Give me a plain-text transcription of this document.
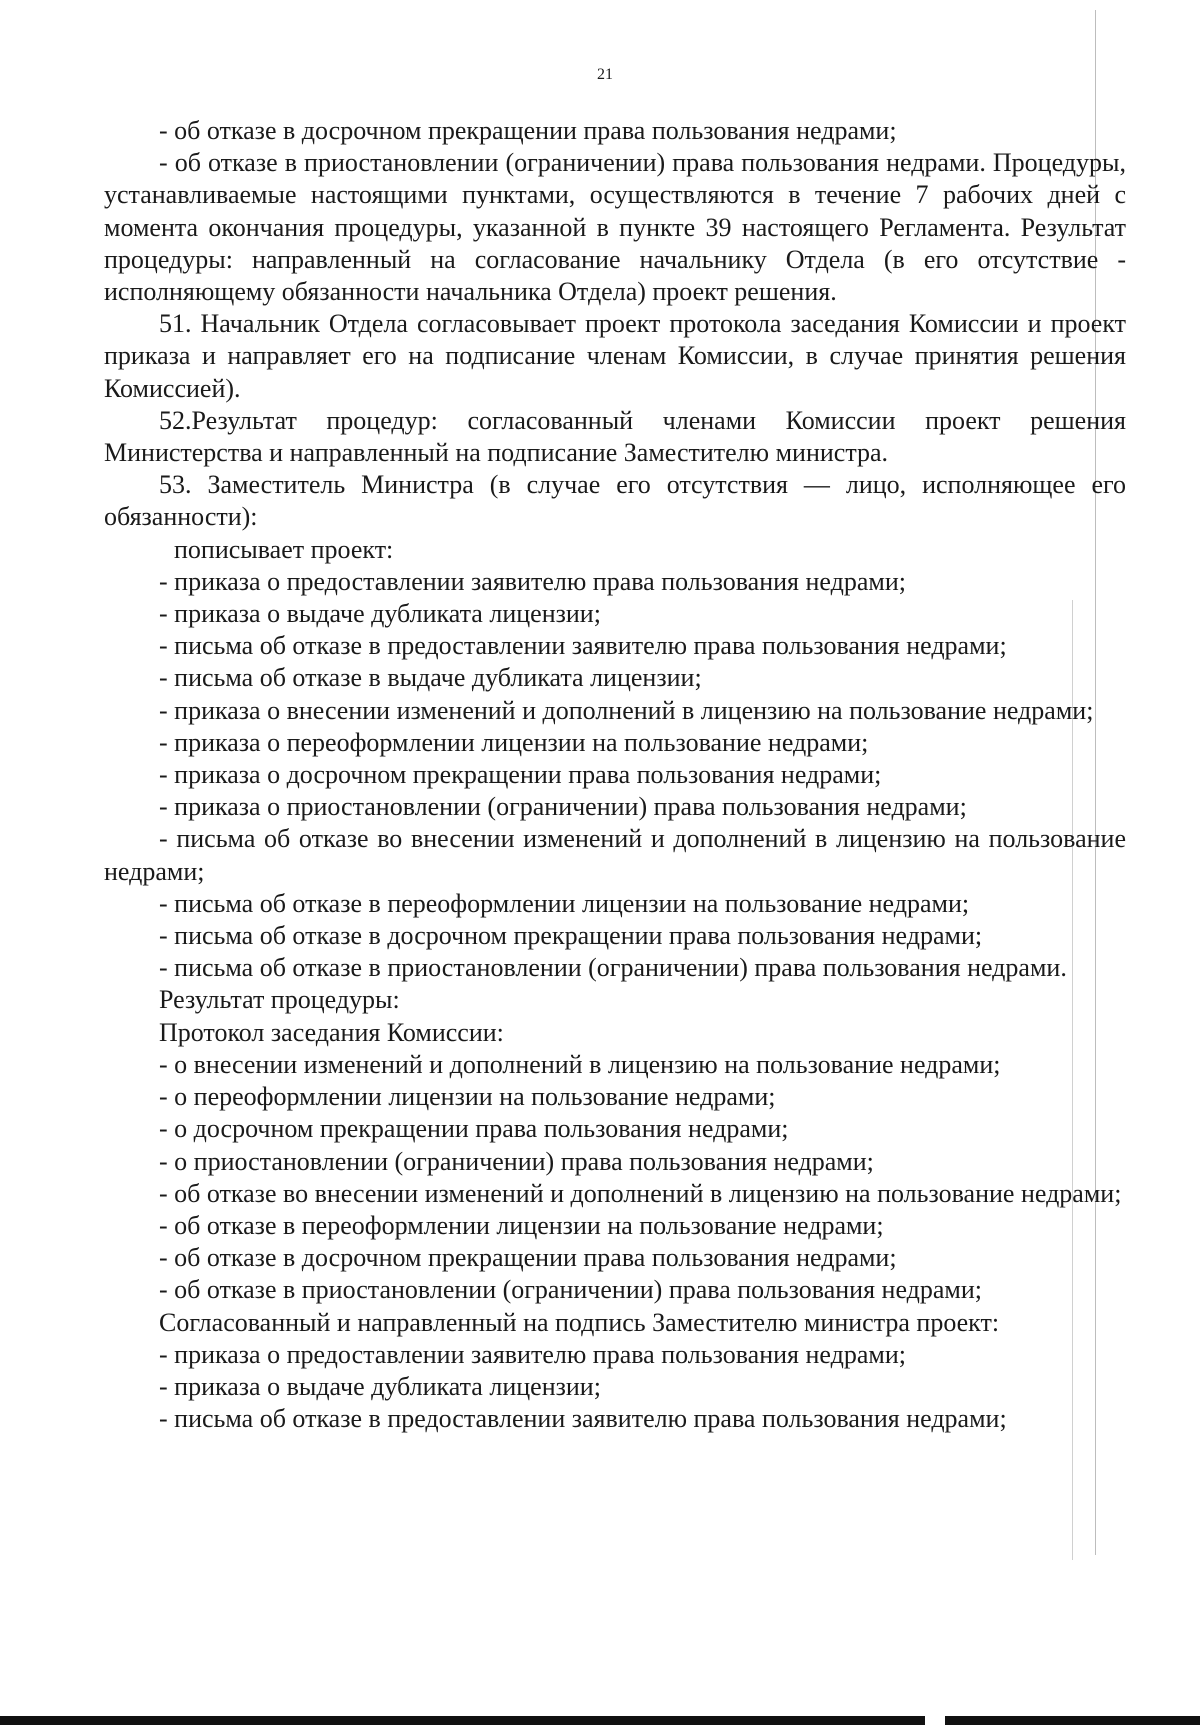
21

- об отказе в досрочном прекращении права пользования недрами;

- об отказе в приостановлении (ограничении) права пользования недрами. Процедуры, устанавливаемые настоящими пунктами, осуществляются в течение 7 рабочих дней с момента окончания процедуры, указанной в пункте 39 настоящего Регламента. Результат процедуры: направленный на согласование начальнику Отдела (в его отсутствие - исполняющему обязанности начальника Отдела) проект решения.

51. Начальник Отдела согласовывает проект протокола заседания Комиссии и проект приказа и направляет его на подписание членам Комиссии, в случае принятия решения Комиссией).

52.Результат процедур: согласованный членами Комиссии проект решения Министерства и направленный на подписание Заместителю министра.

53. Заместитель Министра (в случае его отсутствия — лицо, исполняющее его обязанности):

пописывает проект:

- приказа о предоставлении заявителю права пользования недрами;

- приказа о выдаче дубликата лицензии;

- письма об отказе в предоставлении заявителю права пользования недрами;

- письма об отказе в выдаче дубликата лицензии;

- приказа о внесении изменений и дополнений в лицензию на пользование недрами;

- приказа о переоформлении лицензии на пользование недрами;

- приказа о досрочном прекращении права пользования недрами;

- приказа о приостановлении (ограничении) права пользования недрами;

- письма об отказе во внесении изменений и дополнений в лицензию на пользование недрами;

- письма об отказе в переоформлении лицензии на пользование недрами;

- письма об отказе в досрочном прекращении права пользования недрами;

- письма об отказе в приостановлении (ограничении) права пользования недрами.

Результат процедуры:

Протокол заседания Комиссии:

- о внесении изменений и дополнений в лицензию на пользование недрами;

- о переоформлении лицензии на пользование недрами;

- о досрочном прекращении права пользования недрами;

- о приостановлении (ограничении) права пользования недрами;

- об отказе во внесении изменений и дополнений в лицензию на пользование недрами;

- об отказе в переоформлении лицензии на пользование недрами;

- об отказе в досрочном прекращении права пользования недрами;

- об отказе в приостановлении (ограничении) права пользования недрами;

Согласованный и направленный на подпись Заместителю министра проект:

- приказа о предоставлении заявителю права пользования недрами;

- приказа о выдаче дубликата лицензии;

- письма об отказе в предоставлении заявителю права пользования недрами;
